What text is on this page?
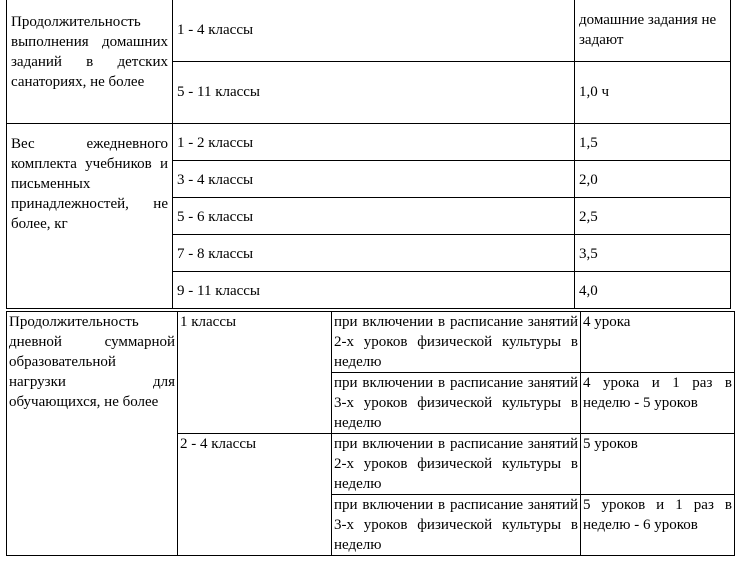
Продолжительность выполнения домашних заданий в детских санаториях, не более	1 - 4 классы	домашние задания не задают

	5 - 11 классы	1,0 ч

Вес ежедневного комплекта учебников и письменных принадлежностей, не более, кг	1 - 2 классы	1,5

	3 - 4 классы	2,0

	5 - 6 классы	2,5

	7 - 8 классы	3,5

	9 - 11 классы	4,0
Продолжительность дневной суммарной образовательной нагрузки для обучающихся, не более	1 классы	при включении в расписание занятий 2-х уроков физической культуры в неделю	4 урока

		при включении в расписание занятий 3-х уроков физической культуры в неделю	4 урока и 1 раз в неделю - 5 уроков

	2 - 4 классы	при включении в расписание занятий 2-х уроков физической культуры в неделю	5 уроков

		при включении в расписание занятий 3-х уроков физической культуры в неделю	5 уроков и 1 раз в неделю - 6 уроков
